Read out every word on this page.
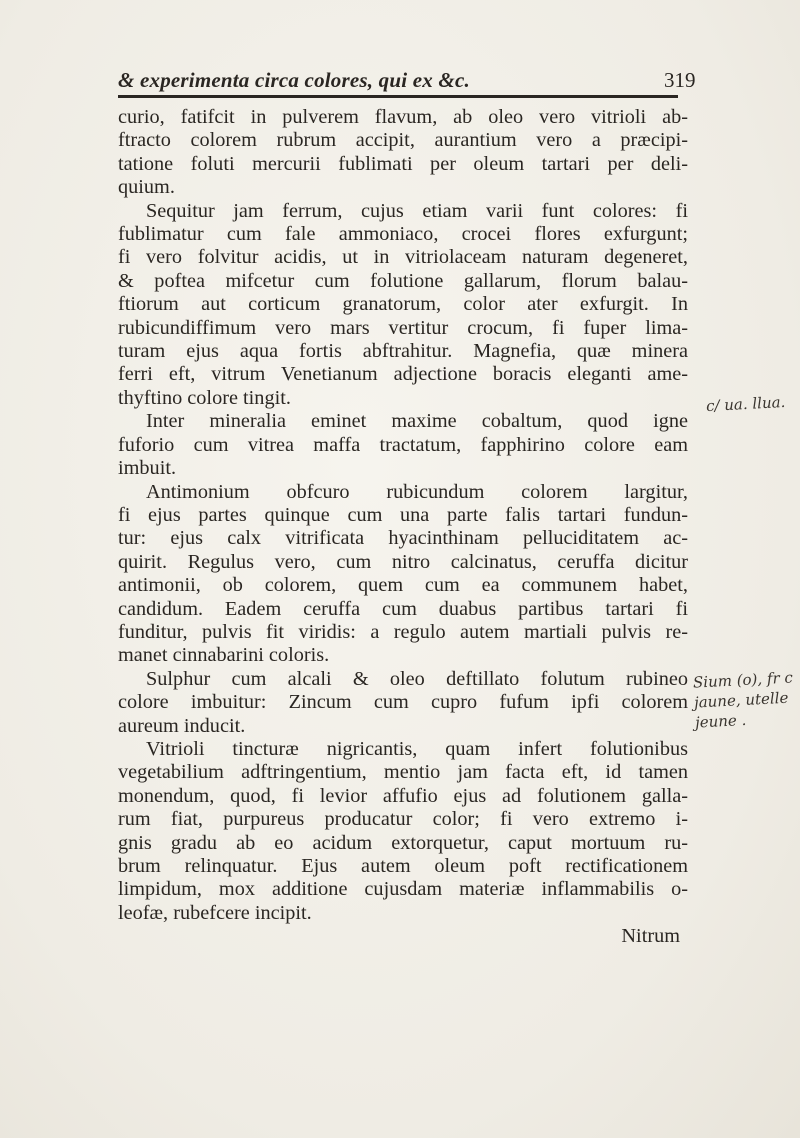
& experimenta circa colores, qui ex &c.	319
curio, fatifcit in pulverem flavum, ab oleo vero vitrioli ab-
ftracto colorem rubrum accipit, aurantium vero a præcipi-
tatione foluti mercurii fublimati per oleum tartari per deli-
quium.
Sequitur jam ferrum, cujus etiam varii funt colores: fi
fublimatur cum fale ammoniaco, crocei flores exfurgunt;
fi vero folvitur acidis, ut in vitriolaceam naturam degeneret,
& poftea mifcetur cum folutione gallarum, florum balau-
ftiorum aut corticum granatorum, color ater exfurgit. In
rubicundiffimum vero mars vertitur crocum, fi fuper lima-
turam ejus aqua fortis abftrahitur. Magnefia, quæ minera
ferri eft, vitrum Venetianum adjectione boracis eleganti ame-
thyftino colore tingit.
Inter mineralia eminet maxime cobaltum, quod igne
fuforio cum vitrea maffa tractatum, fapphirino colore eam
imbuit.
Antimonium obfcuro rubicundum colorem largitur,
fi ejus partes quinque cum una parte falis tartari fundun-
tur: ejus calx vitrificata hyacinthinam pelluciditatem ac-
quirit. Regulus vero, cum nitro calcinatus, ceruffa dicitur
antimonii, ob colorem, quem cum ea communem habet,
candidum. Eadem ceruffa cum duabus partibus tartari fi
funditur, pulvis fit viridis: a regulo autem martiali pulvis re-
manet cinnabarini coloris.
Sulphur cum alcali & oleo deftillato folutum rubineo
colore imbuitur: Zincum cum cupro fufum ipfi colorem
aureum inducit.
Vitrioli tincturæ nigricantis, quam infert folutionibus
vegetabilium adftringentium, mentio jam facta eft, id tamen
monendum, quod, fi levior affufio ejus ad folutionem galla-
rum fiat, purpureus producatur color; fi vero extremo i-
gnis gradu ab eo acidum extorquetur, caput mortuum ru-
brum relinquatur. Ejus autem oleum poft rectificationem
limpidum, mox additione cujusdam materiæ inflammabilis o-
leofæ, rubefcere incipit.
Nitrum
c/ ua. llua.
Sium (o), fr c
jaune, utelle
jeune .
